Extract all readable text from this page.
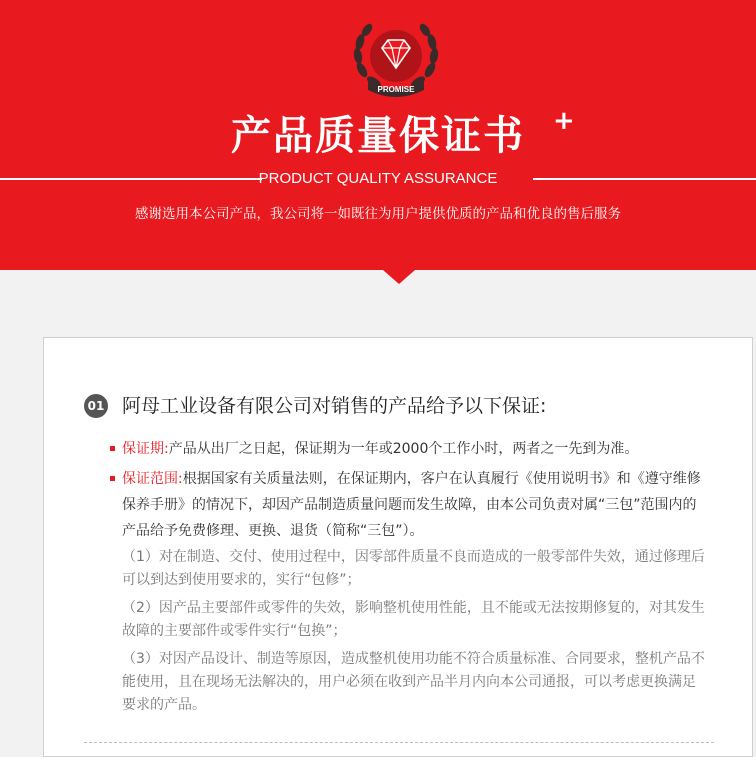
PROMISE
产品质量保证书 +
PRODUCT QUALITY ASSURANCE
感谢选用本公司产品，我公司将一如既往为用户提供优质的产品和优良的售后服务
01 阿母工业设备有限公司对销售的产品给予以下保证:
保证期:产品从出厂之日起，保证期为一年或2000个工作小时，两者之一先到为准。
保证范围:根据国家有关质量法则，在保证期内，客户在认真履行《使用说明书》和《遵守维修保养手册》的情况下，却因产品制造质量问题而发生故障，由本公司负责对属“三包”范围内的产品给予免费修理、更换、退货（简称“三包”）。
（1）对在制造、交付、使用过程中，因零部件质量不良而造成的一般零部件失效，通过修理后可以到达到使用要求的，实行“包修”；
（2）因产品主要部件或零件的失效，影响整机使用性能，且不能或无法按期修复的，对其发生故障的主要部件或零件实行“包换”；
（3）对因产品设计、制造等原因，造成整机使用功能不符合质量标准、合同要求，整机产品不能使用，且在现场无法解决的，用户必须在收到产品半月内向本公司通报，可以考虑更换满足要求的产品。
